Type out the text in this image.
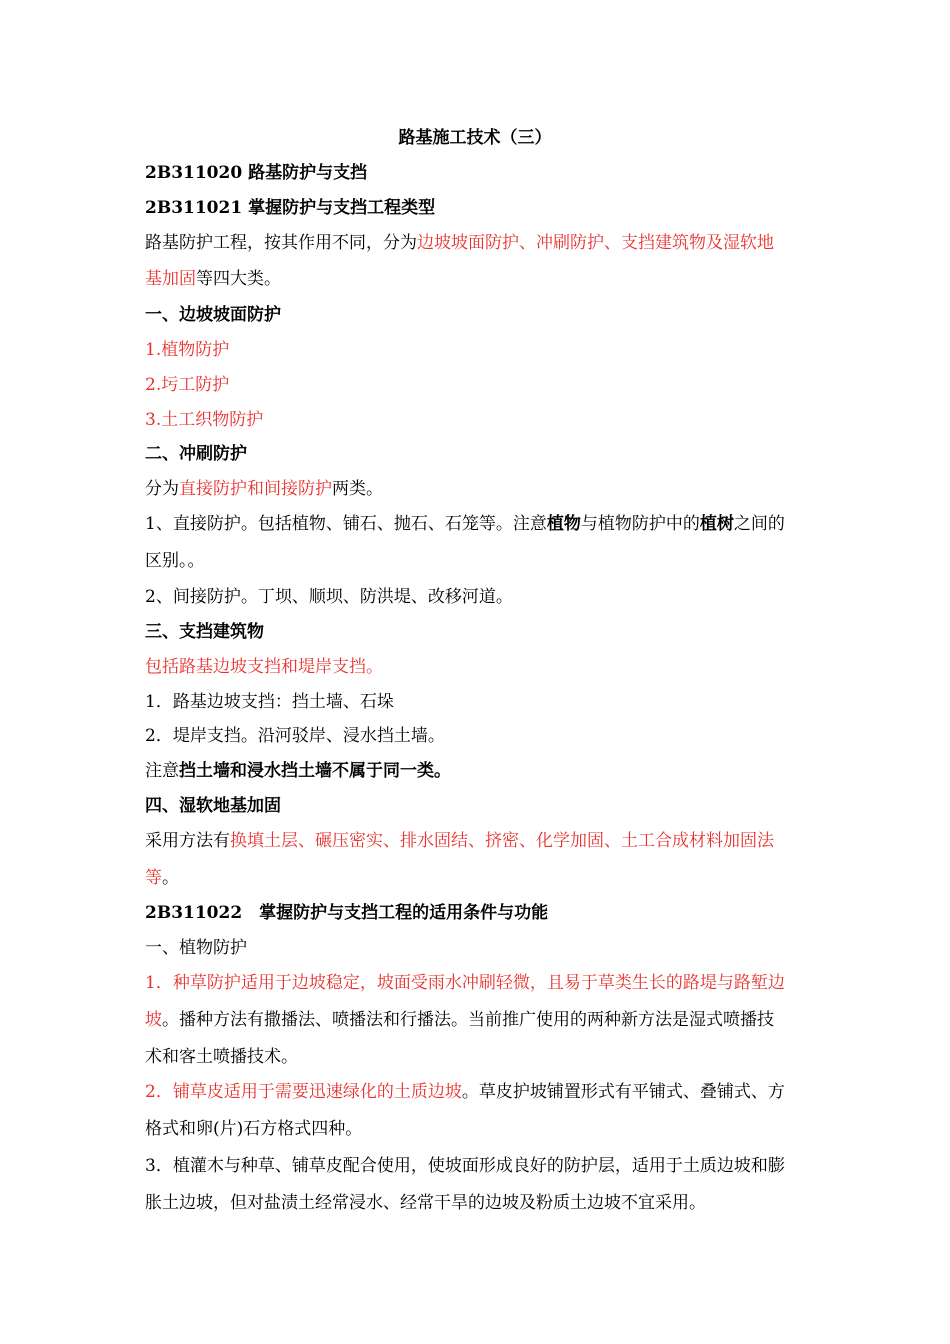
路基施工技术（三）
2B311020 路基防护与支挡
2B311021 掌握防护与支挡工程类型
路基防护工程，按其作用不同，分为边坡坡面防护、冲刷防护、支挡建筑物及湿软地
基加固等四大类。
一、边坡坡面防护
1.植物防护
2.圬工防护
3.土工织物防护
二、冲刷防护
分为直接防护和间接防护两类。
1、直接防护。包括植物、铺石、抛石、石笼等。注意植物与植物防护中的植树之间的
区别。。
2、间接防护。丁坝、顺坝、防洪堤、改移河道。
三、支挡建筑物
包括路基边坡支挡和堤岸支挡。
1．路基边坡支挡：挡土墙、石垛
2．堤岸支挡。沿河驳岸、浸水挡土墙。
注意挡土墙和浸水挡土墙不属于同一类。
四、湿软地基加固
采用方法有换填土层、碾压密实、排水固结、挤密、化学加固、土工合成材料加固法
等。
2B311022　掌握防护与支挡工程的适用条件与功能
一、植物防护
1．种草防护适用于边坡稳定，坡面受雨水冲刷轻微，且易于草类生长的路堤与路堑边
坡。播种方法有撒播法、喷播法和行播法。当前推广使用的两种新方法是湿式喷播技
术和客土喷播技术。
2．铺草皮适用于需要迅速绿化的土质边坡。草皮护坡铺置形式有平铺式、叠铺式、方
格式和卵(片)石方格式四种。
3．植灌木与种草、铺草皮配合使用，使坡面形成良好的防护层，适用于土质边坡和膨
胀土边坡，但对盐渍土经常浸水、经常干旱的边坡及粉质土边坡不宜采用。
